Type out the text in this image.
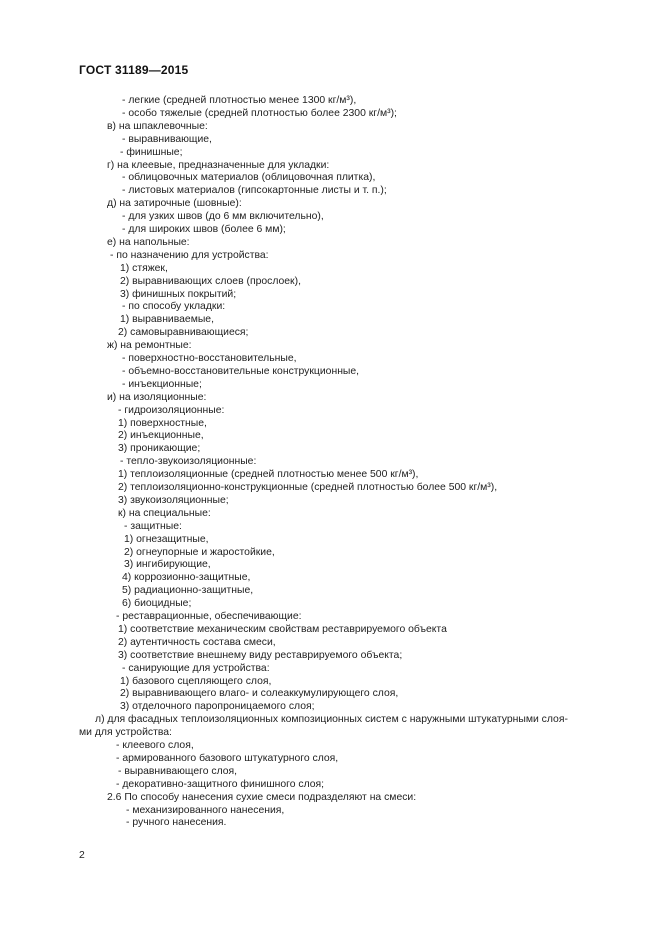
ГОСТ 31189—2015
- легкие (средней плотностью менее 1300 кг/м³),
- особо тяжелые (средней плотностью более 2300 кг/м³);
в) на шпаклевочные:
- выравнивающие,
- финишные;
г) на клеевые, предназначенные для укладки:
- облицовочных материалов (облицовочная плитка),
- листовых материалов (гипсокартонные листы и т. п.);
д) на затирочные (шовные):
- для узких швов (до 6 мм включительно),
- для широких швов (более 6 мм);
е) на напольные:
- по назначению для устройства:
1) стяжек,
2) выравнивающих слоев (прослоек),
3) финишных покрытий;
- по способу укладки:
1) выравниваемые,
2) самовыравнивающиеся;
ж) на ремонтные:
- поверхностно-восстановительные,
- объемно-восстановительные конструкционные,
- инъекционные;
и) на изоляционные:
- гидроизоляционные:
1) поверхностные,
2) инъекционные,
3) проникающие;
- тепло-звукоизоляционные:
1) теплоизоляционные (средней плотностью менее 500 кг/м³),
2) теплоизоляционно-конструкционные (средней плотностью более 500 кг/м³),
3) звукоизоляционные;
к) на специальные:
- защитные:
1) огнезащитные,
2) огнеупорные и жаростойкие,
3) ингибирующие,
4) коррозионно-защитные,
5) радиационно-защитные,
6) биоцидные;
- реставрационные, обеспечивающие:
1) соответствие механическим свойствам реставрируемого объекта
2) аутентичность состава смеси,
3) соответствие внешнему виду реставрируемого объекта;
- санирующие для устройства:
1) базового сцепляющего слоя,
2) выравнивающего влаго- и солеаккумулирующего слоя,
3) отделочного паропроницаемого слоя;
л) для фасадных теплоизоляционных композиционных систем с наружными штукатурными слоя-
ми для устройства:
- клеевого слоя,
- армированного базового штукатурного слоя,
- выравнивающего слоя,
- декоративно-защитного финишного слоя;
2.6 По способу нанесения сухие смеси подразделяют на смеси:
- механизированного нанесения,
- ручного нанесения.
2
